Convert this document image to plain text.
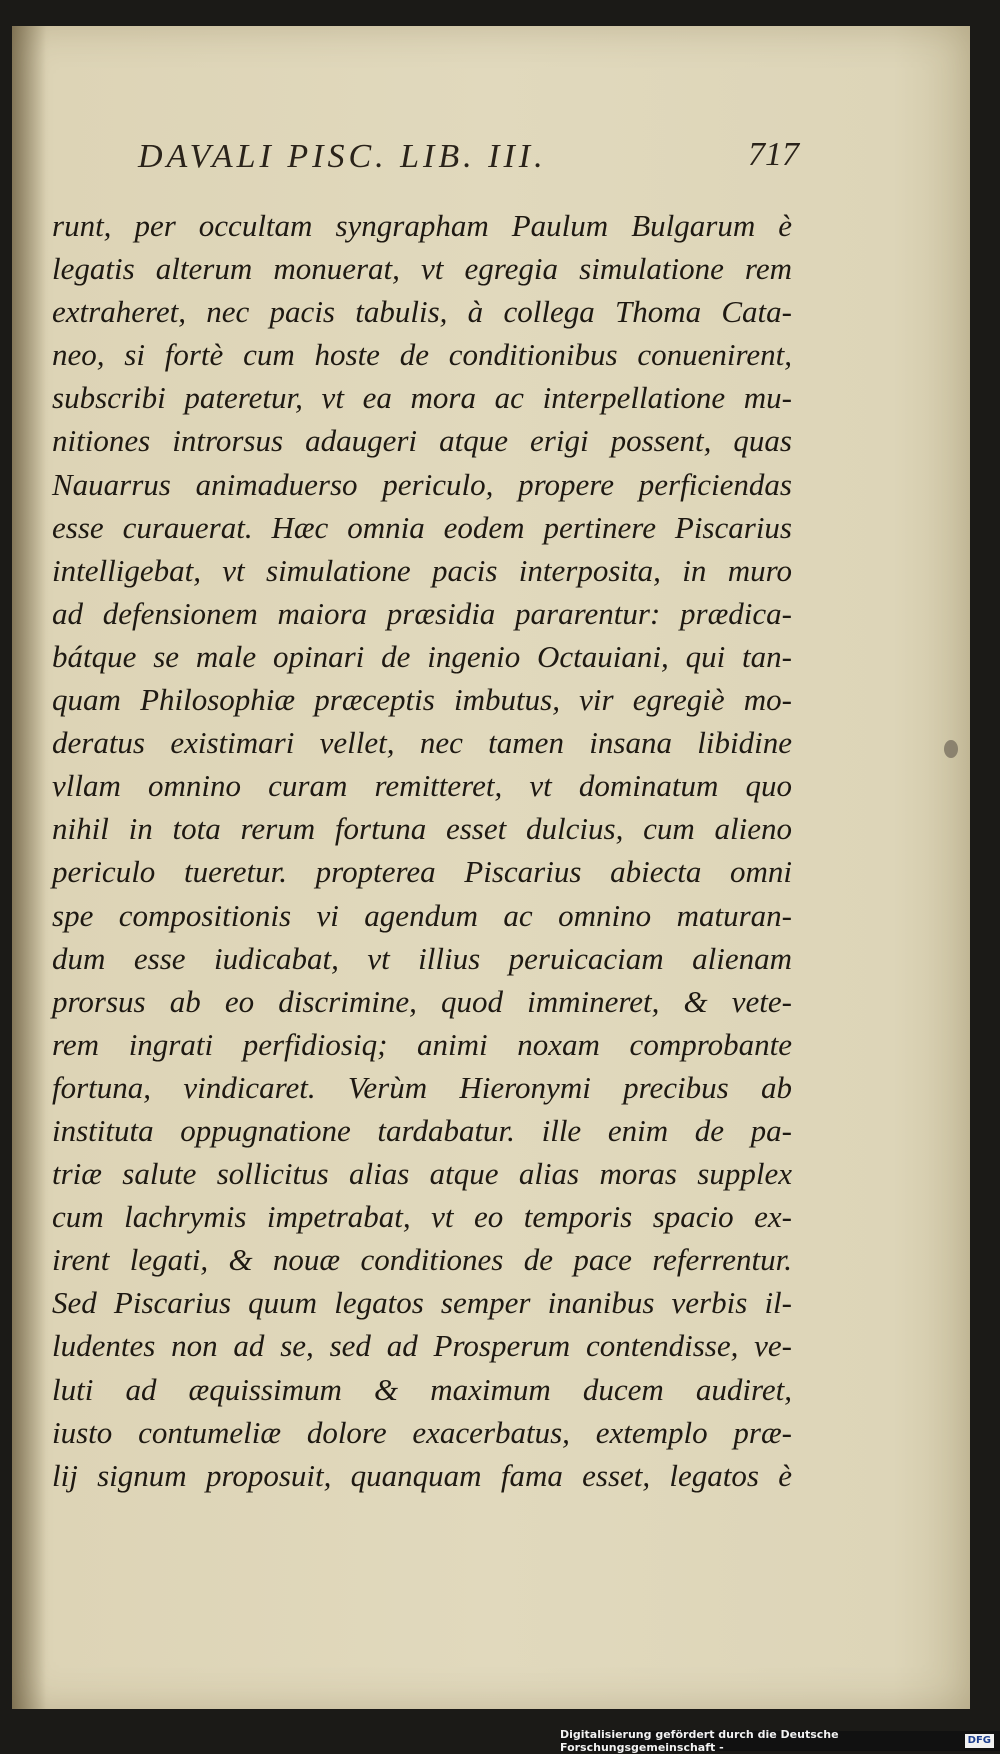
DAVALI PISC. LIB. III.	717
runt, per occultam syngrapham Paulum Bulgarum è
legatis alterum monuerat, vt egregia simulatione rem
extraheret, nec pacis tabulis, à collega Thoma Cata-
neo, si fortè cum hoste de conditionibus conuenirent,
subscribi pateretur, vt ea mora ac interpellatione mu-
nitiones introrsus adaugeri atque erigi possent, quas
Nauarrus animaduerso periculo, propere perficiendas
esse curauerat. Hæc omnia eodem pertinere Piscarius
intelligebat, vt simulatione pacis interposita, in muro
ad defensionem maiora præsidia pararentur: prædica-
bátque se male opinari de ingenio Octauiani, qui tan-
quam Philosophiæ præceptis imbutus, vir egregiè mo-
deratus existimari vellet, nec tamen insana libidine
vllam omnino curam remitteret, vt dominatum quo
nihil in tota rerum fortuna esset dulcius, cum alieno
periculo tueretur. propterea Piscarius abiecta omni
spe compositionis vi agendum ac omnino maturan-
dum esse iudicabat, vt illius peruicaciam alienam
prorsus ab eo discrimine, quod immineret, & vete-
rem ingrati perfidiosiq; animi noxam comprobante
fortuna, vindicaret. Verùm Hieronymi precibus ab
instituta oppugnatione tardabatur. ille enim de pa-
triæ salute sollicitus alias atque alias moras supplex
cum lachrymis impetrabat, vt eo temporis spacio ex-
irent legati, & nouæ conditiones de pace referrentur.
Sed Piscarius quum legatos semper inanibus verbis il-
ludentes non ad se, sed ad Prosperum contendisse, ve-
luti ad æquissimum & maximum ducem audiret,
iusto contumeliæ dolore exacerbatus, extemplo præ-
lij signum proposuit, quanquam fama esset, legatos è
Digitalisierung gefördert durch die Deutsche Forschungsgemeinschaft -
DFG
